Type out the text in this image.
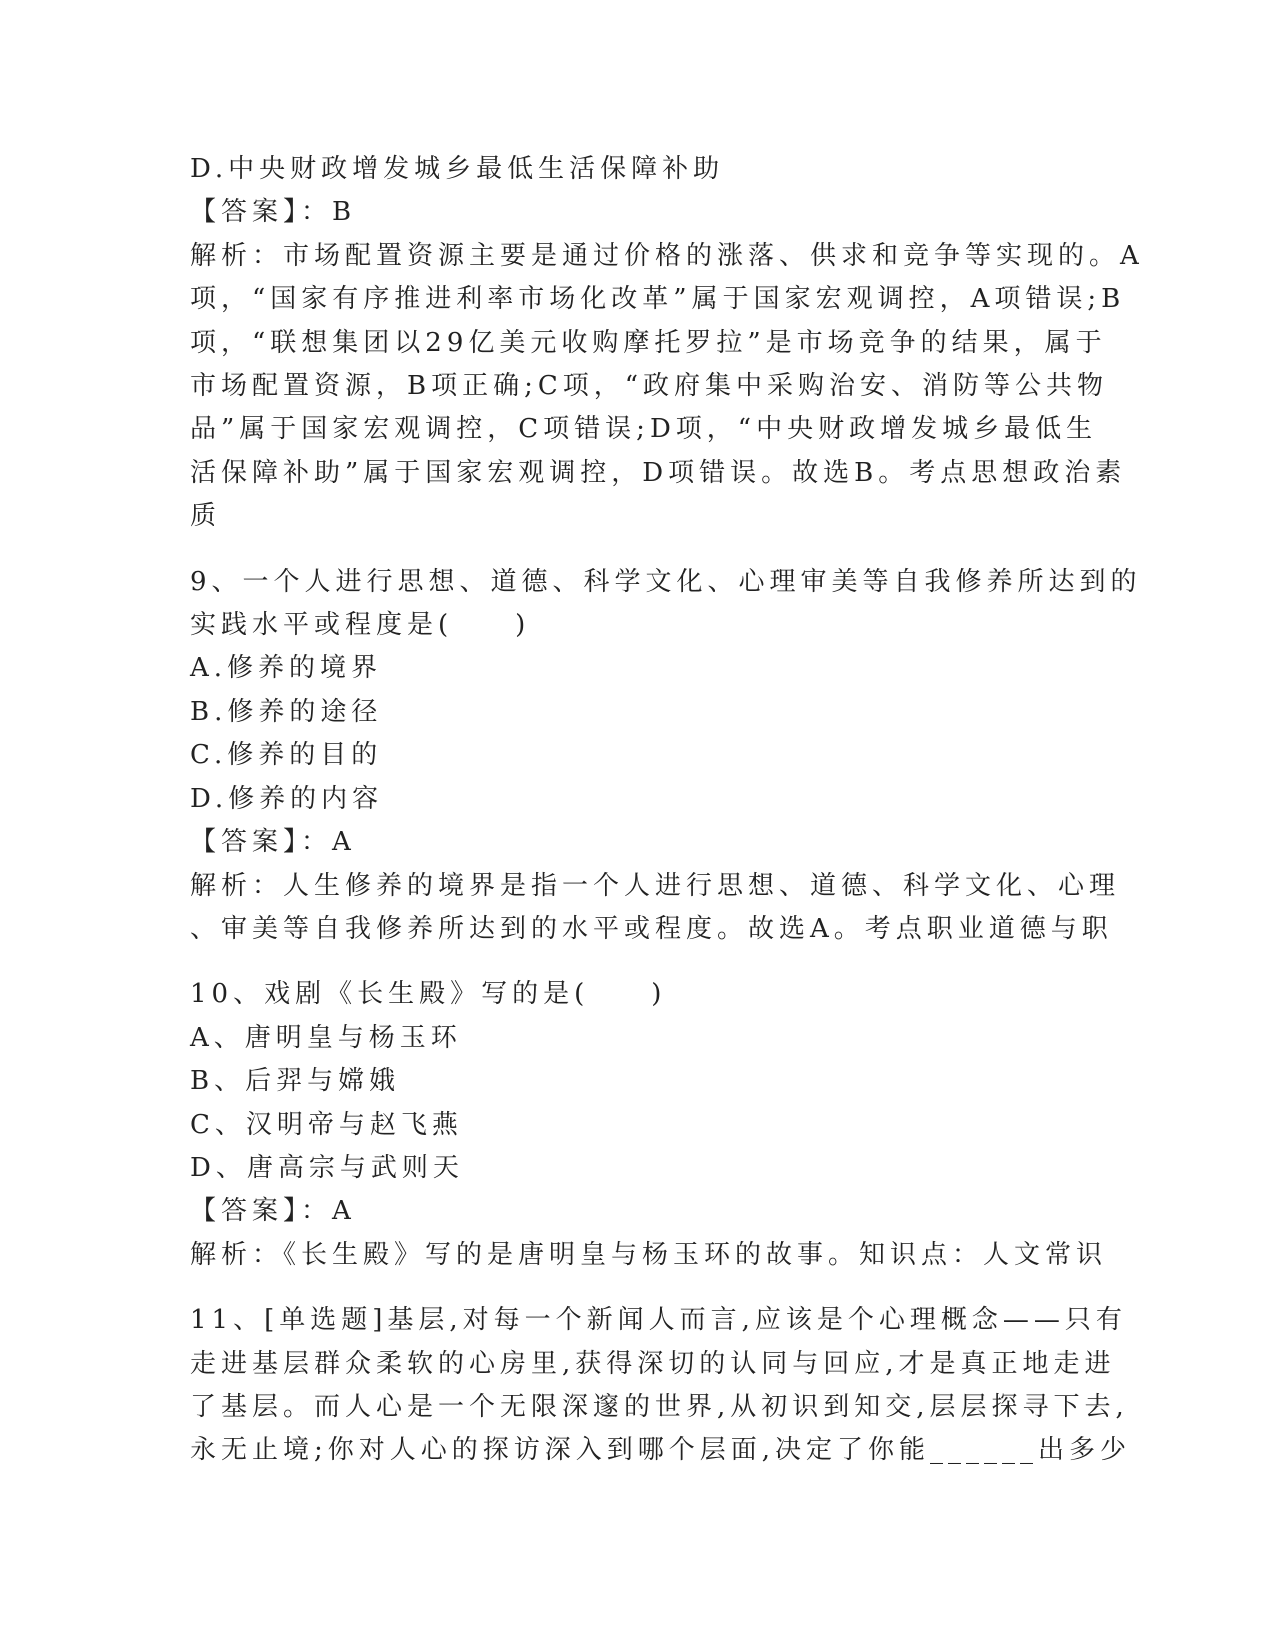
D.中央财政增发城乡最低生活保障补助

【答案】：B

解析：市场配置资源主要是通过价格的涨落、供求和竞争等实现的。A

项，“国家有序推进利率市场化改革”属于国家宏观调控，A项错误;B

项，“联想集团以29亿美元收购摩托罗拉”是市场竞争的结果，属于

市场配置资源，B项正确;C项，“政府集中采购治安、消防等公共物

品”属于国家宏观调控，C项错误;D项，“中央财政增发城乡最低生

活保障补助”属于国家宏观调控，D项错误。故选B。考点思想政治素

质

9、一个人进行思想、道德、科学文化、心理审美等自我修养所达到的

实践水平或程度是(　　)

A.修养的境界

B.修养的途径

C.修养的目的

D.修养的内容

【答案】：A

解析：人生修养的境界是指一个人进行思想、道德、科学文化、心理

、审美等自我修养所达到的水平或程度。故选A。考点职业道德与职

10、戏剧《长生殿》写的是(　　)

A、唐明皇与杨玉环

B、后羿与嫦娥

C、汉明帝与赵飞燕

D、唐高宗与武则天

【答案】：A

解析：《长生殿》写的是唐明皇与杨玉环的故事。知识点：人文常识

11、[单选题]基层,对每一个新闻人而言,应该是个心理概念——只有

走进基层群众柔软的心房里,获得深切的认同与回应,才是真正地走进

了基层。而人心是一个无限深邃的世界,从初识到知交,层层探寻下去,

永无止境;你对人心的探访深入到哪个层面,决定了你能______出多少
